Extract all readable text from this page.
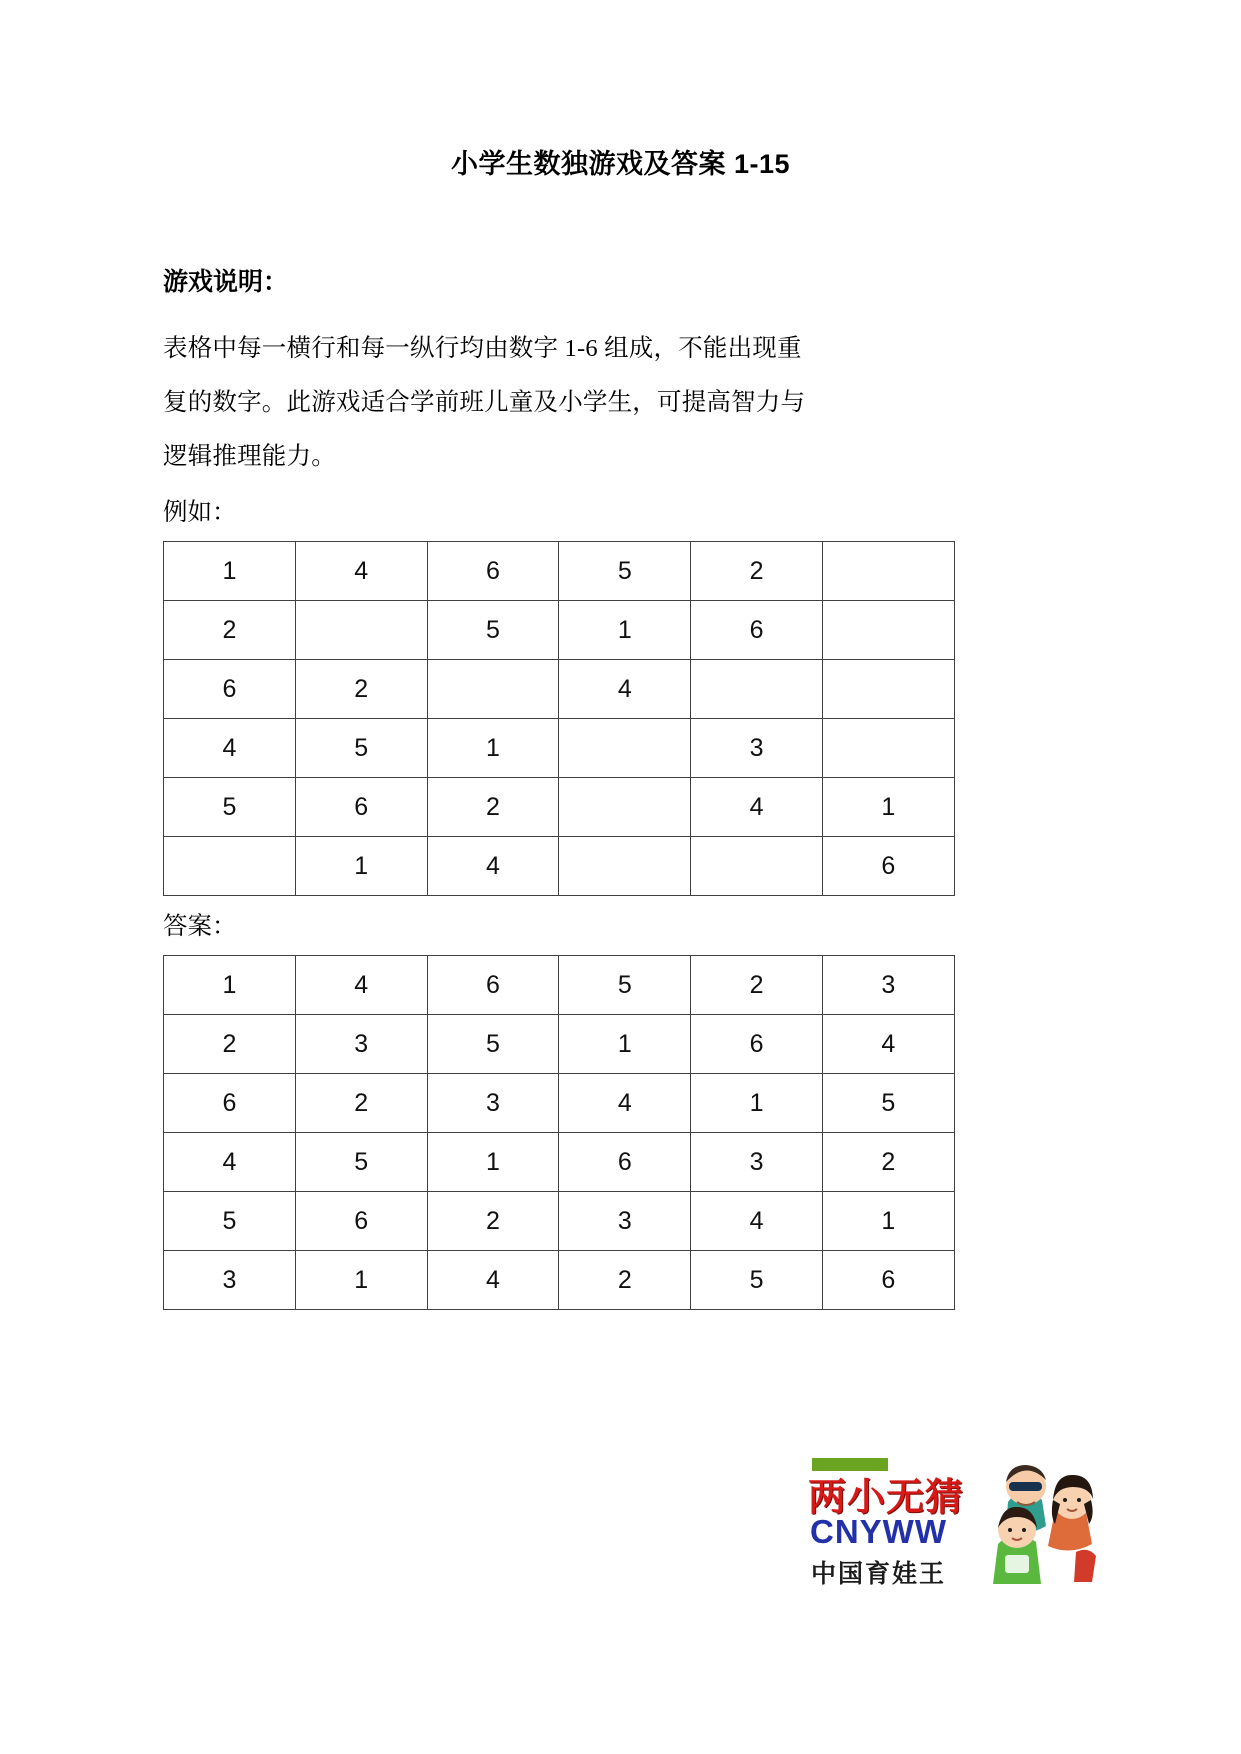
小学生数独游戏及答案 1-15
游戏说明：
表格中每一横行和每一纵行均由数字 1-6 组成，不能出现重
复的数字。此游戏适合学前班儿童及小学生，可提高智力与
逻辑推理能力。
例如：
1	4	6	5	2	
2		5	1	6	
6	2		4		
4	5	1		3	
5	6	2		4	1
	1	4			6
答案：
1	4	6	5	2	3
2	3	5	1	6	4
6	2	3	4	1	5
4	5	1	6	3	2
5	6	2	3	4	1
3	1	4	2	5	6
两小无猜
CNYWW
中国育娃王
